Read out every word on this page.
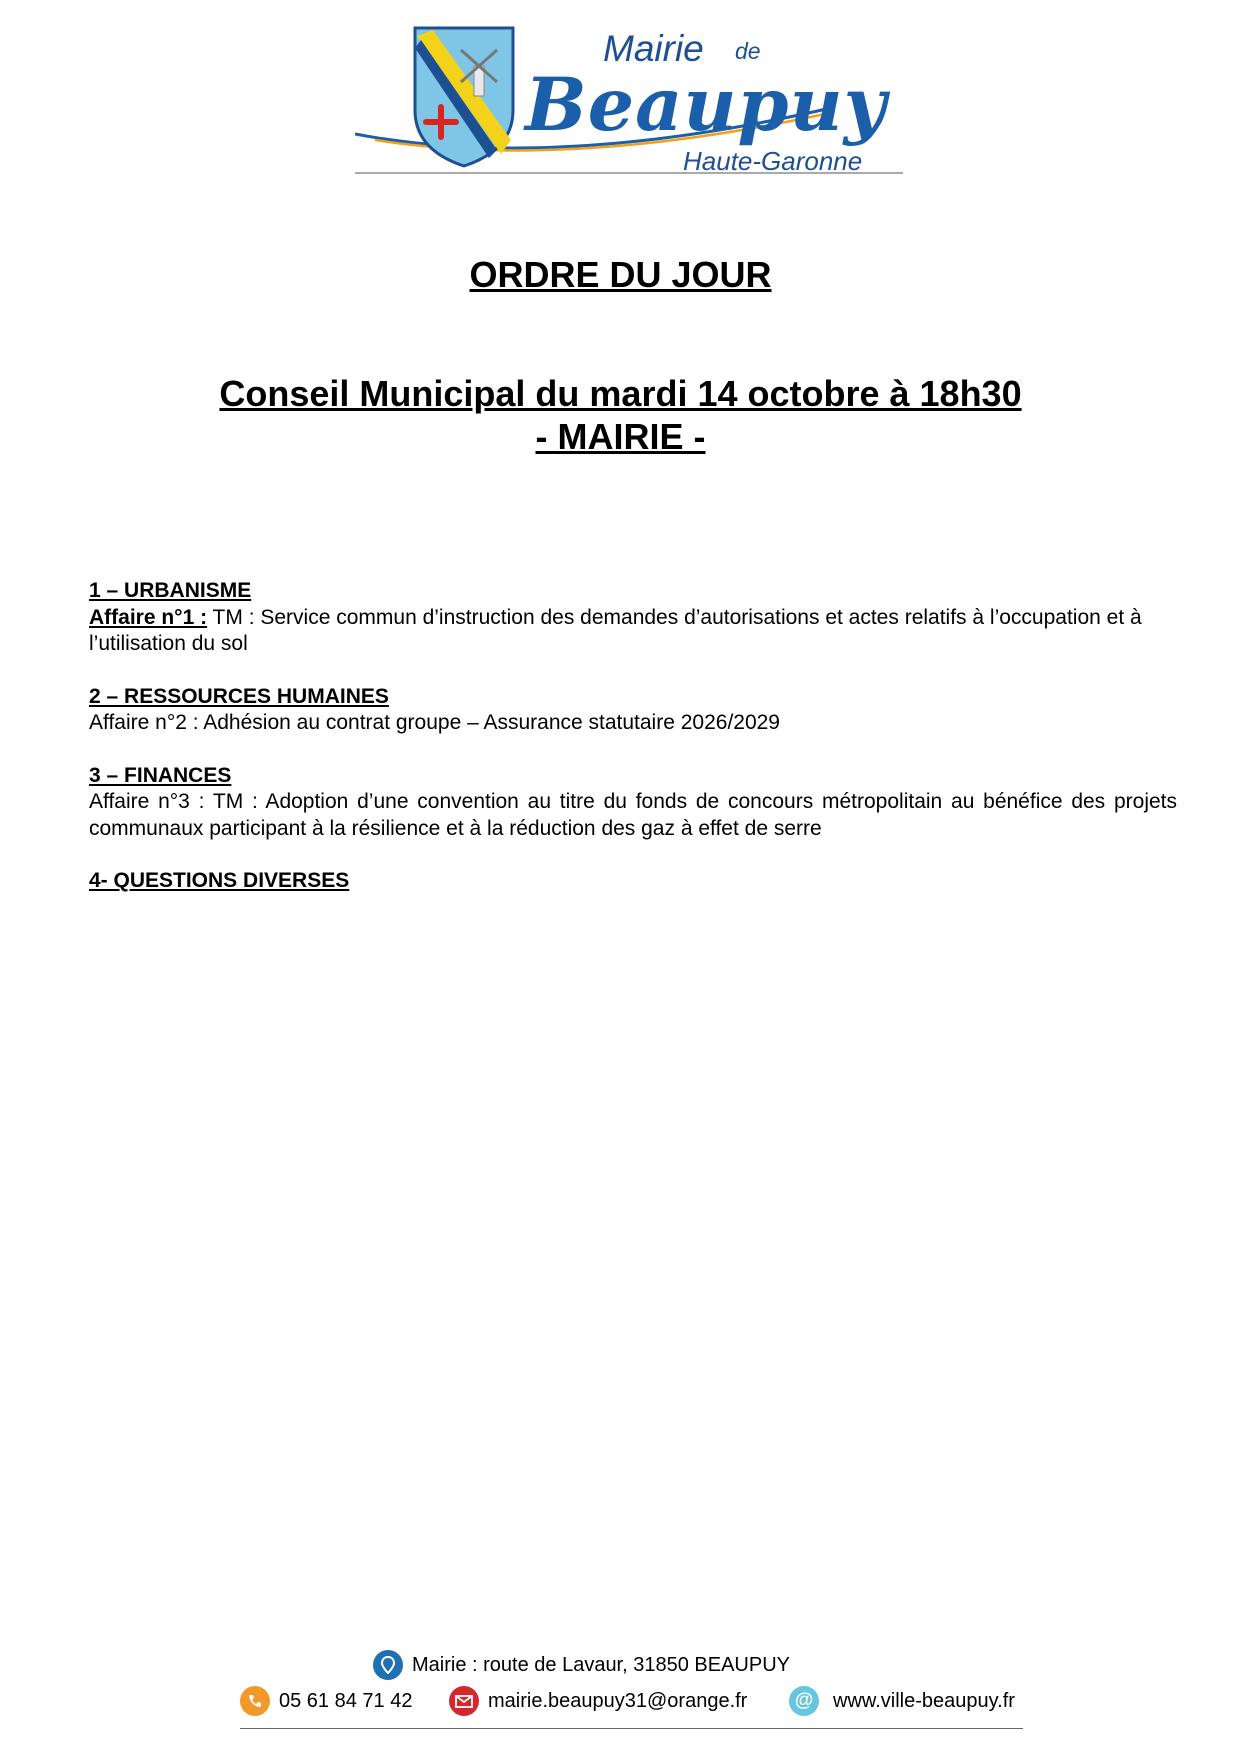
Mairie de
Beaupuy
Haute-Garonne
ORDRE DU JOUR
Conseil Municipal du mardi 14 octobre à 18h30
- MAIRIE -
1 – URBANISME
Affaire n°1 : TM : Service commun d’instruction des demandes d’autorisations et actes relatifs à l’occupation et à l’utilisation du sol
2 – RESSOURCES HUMAINES
Affaire n°2 : Adhésion au contrat groupe – Assurance statutaire 2026/2029
3 – FINANCES
Affaire n°3 : TM : Adoption d’une convention au titre du fonds de concours métropolitain au bénéfice des projets communaux participant à la résilience et à la réduction des gaz à effet de serre
4- QUESTIONS DIVERSES
Mairie : route de Lavaur, 31850 BEAUPUY
05 61 84 71 42	mairie.beaupuy31@orange.fr	@ www.ville-beaupuy.fr
